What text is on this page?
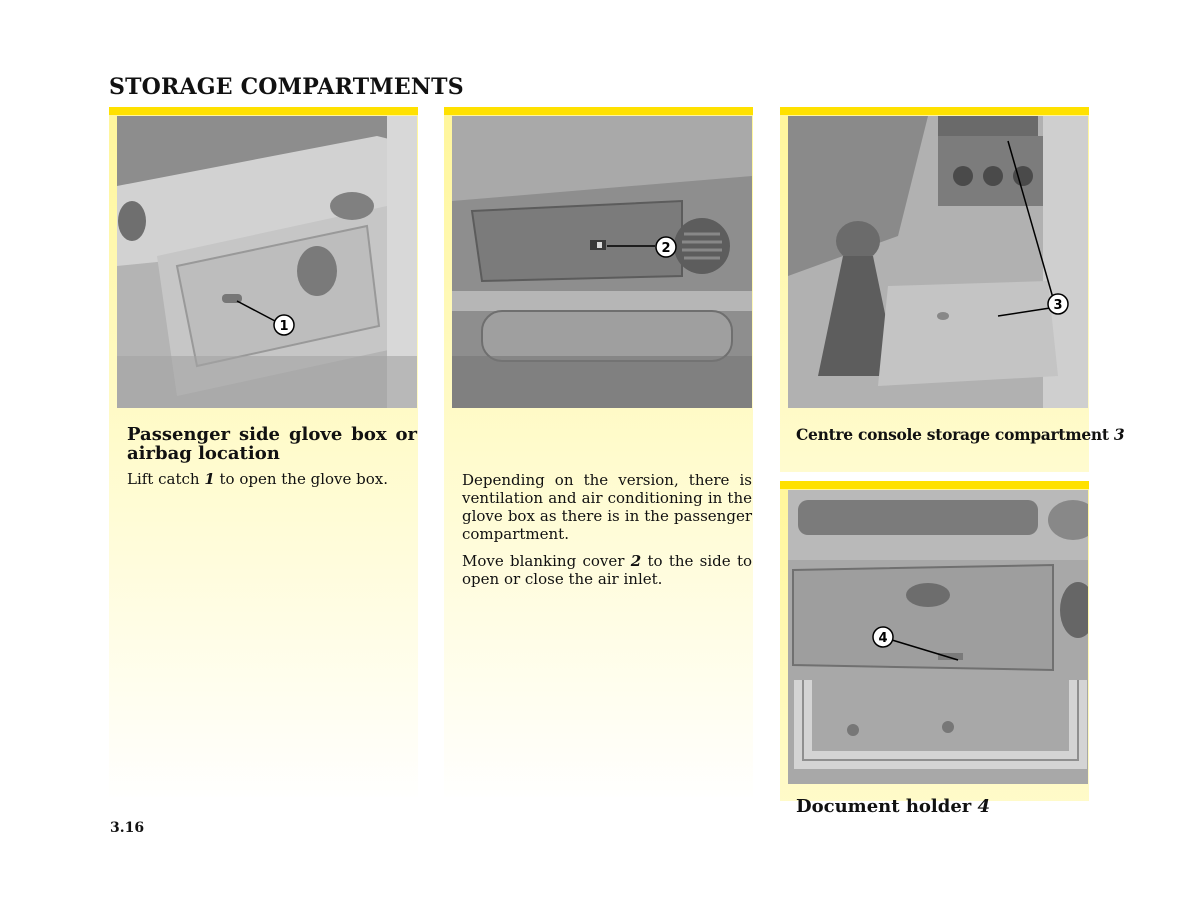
STORAGE COMPARTMENTS
1
Passenger side glove box or airbag location

Lift catch 1 to open the glove box.

2

Depending on the version, there is ventilation and air conditioning in the glove box as there is in the passenger compartment.

Move blanking cover 2 to the side to open or close the air inlet.

3
Centre console storage compartment 3
4
Document holder 4

3.16
